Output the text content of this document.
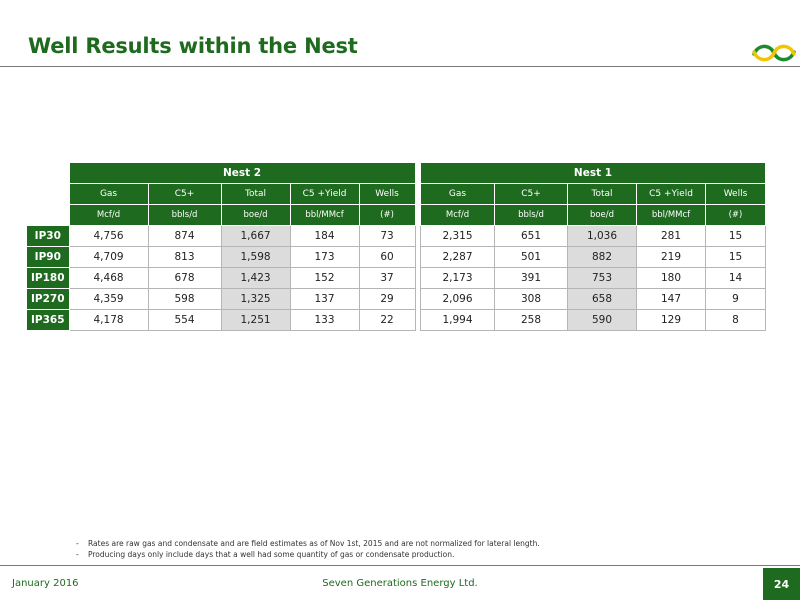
Well Results within the Nest
	Nest 2				
	Gas	C5+	Total	C5 +Yield	Wells
	Mcf/d	bbls/d	boe/d	bbl/MMcf	(#)
IP30	4,756	874	1,667	184	73
IP90	4,709	813	1,598	173	60
IP180	4,468	678	1,423	152	37
IP270	4,359	598	1,325	137	29
IP365	4,178	554	1,251	133	22
Nest 1				
Gas	C5+	Total	C5 +Yield	Wells
Mcf/d	bbls/d	boe/d	bbl/MMcf	(#)
2,315	651	1,036	281	15
2,287	501	882	219	15
2,173	391	753	180	14
2,096	308	658	147	9
1,994	258	590	129	8
- Rates are raw gas and condensate and are field estimates as of Nov 1st, 2015 and are not normalized for lateral length.
- Producing days only include days that a well had some quantity of gas or condensate production.
January 2016	Seven Generations Energy Ltd.	24
